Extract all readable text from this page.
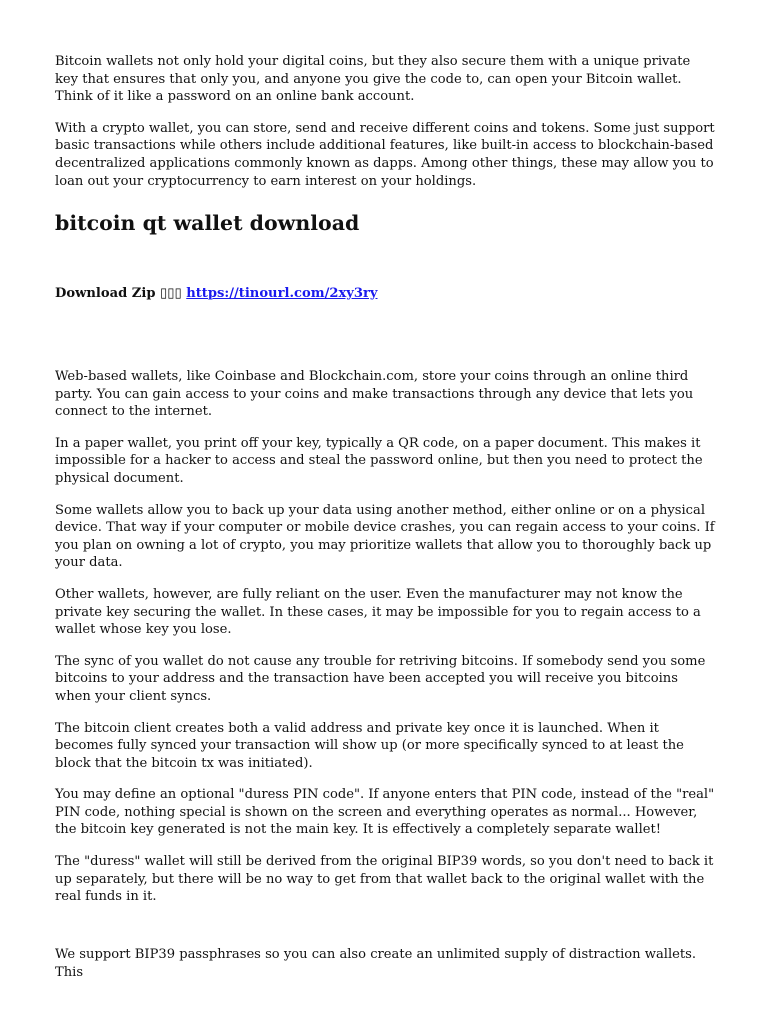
Bitcoin wallets not only hold your digital coins, but they also secure them with a unique private key that ensures that only you, and anyone you give the code to, can open your Bitcoin wallet. Think of it like a password on an online bank account.

With a crypto wallet, you can store, send and receive different coins and tokens. Some just support basic transactions while others include additional features, like built-in access to blockchain-based decentralized applications commonly known as dapps. Among other things, these may allow you to loan out your cryptocurrency to earn interest on your holdings.

bitcoin qt wallet download
Download Zip ▯▯▯ https://tinourl.com/2xy3ry

Web-based wallets, like Coinbase and Blockchain.com, store your coins through an online third party. You can gain access to your coins and make transactions through any device that lets you connect to the internet.

In a paper wallet, you print off your key, typically a QR code, on a paper document. This makes it impossible for a hacker to access and steal the password online, but then you need to protect the physical document.

Some wallets allow you to back up your data using another method, either online or on a physical device. That way if your computer or mobile device crashes, you can regain access to your coins. If you plan on owning a lot of crypto, you may prioritize wallets that allow you to thoroughly back up your data.

Other wallets, however, are fully reliant on the user. Even the manufacturer may not know the private key securing the wallet. In these cases, it may be impossible for you to regain access to a wallet whose key you lose.

The sync of you wallet do not cause any trouble for retriving bitcoins. If somebody send you some bitcoins to your address and the transaction have been accepted you will receive you bitcoins when your client syncs.

The bitcoin client creates both a valid address and private key once it is launched. When it becomes fully synced your transaction will show up (or more specifically synced to at least the block that the bitcoin tx was initiated).

You may define an optional "duress PIN code". If anyone enters that PIN code, instead of the "real" PIN code, nothing special is shown on the screen and everything operates as normal... However, the bitcoin key generated is not the main key. It is effectively a completely separate wallet!

The "duress" wallet will still be derived from the original BIP39 words, so you don't need to back it up separately, but there will be no way to get from that wallet back to the original wallet with the real funds in it.

We support BIP39 passphrases so you can also create an unlimited supply of distraction wallets. This
